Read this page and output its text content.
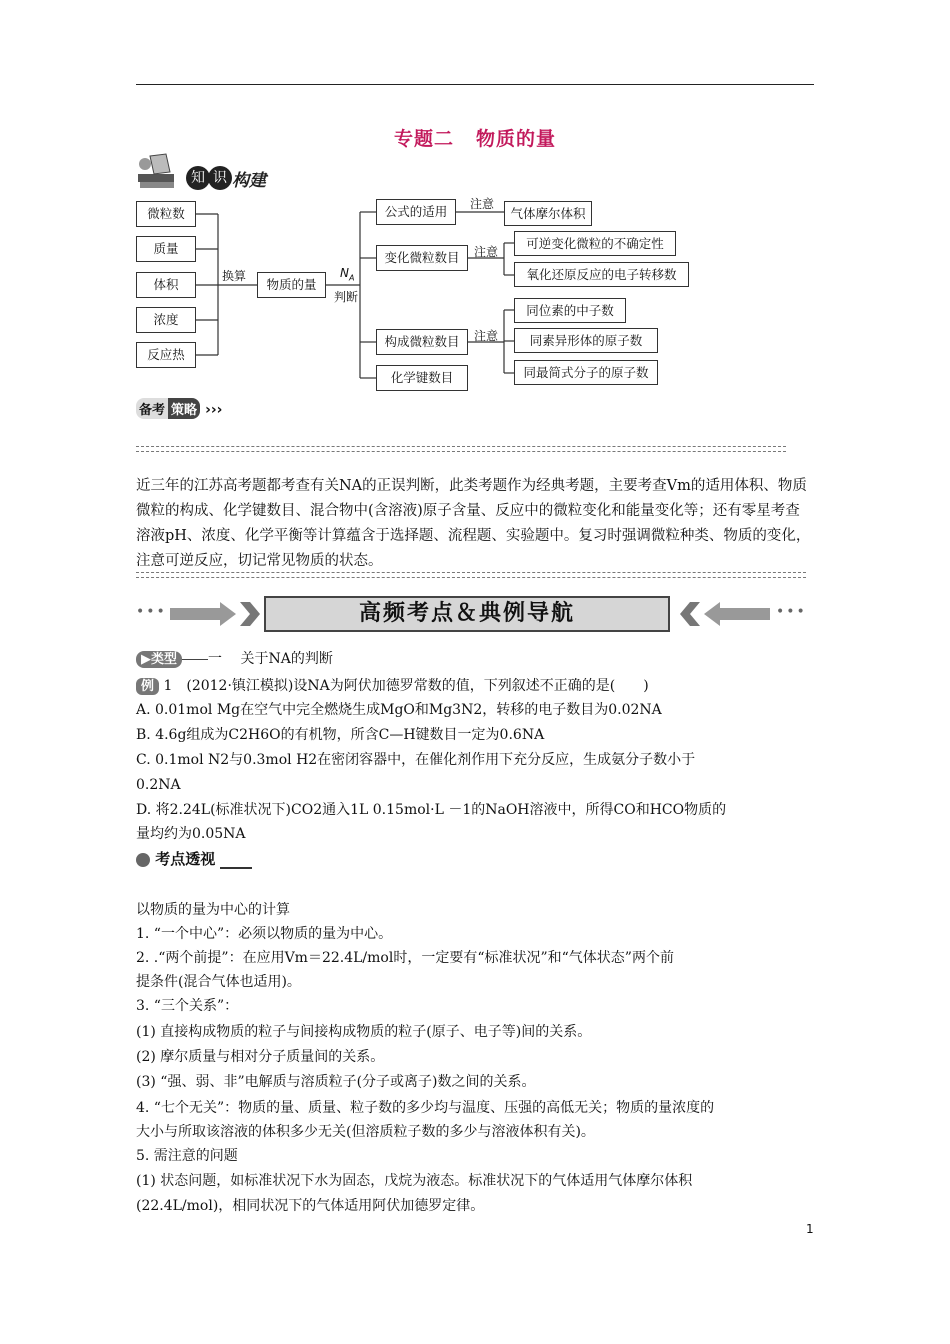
专题二 物质的量
知 识 构建
微粒数
质量
体积
浓度
反应热
换算
物质的量
$N_A$
判断
公式的适用
变化微粒数目
构成微粒数目
化学键数目
注意
注意
注意
气体摩尔体积
可逆变化微粒的不确定性
氧化还原反应的电子转移数
同位素的中子数
同素异形体的原子数
同最简式分子的原子数
备考 策略 ›››
近三年的江苏高考题都考查有关NA的正误判断，此类考题作为经典考题，主要考查Vm的适用体积、物质微粒的构成、化学键数目、混合物中(含溶液)原子含量、反应中的微粒变化和能量变化等；还有零星考查溶液pH、浓度、化学平衡等计算蕴含于选择题、流程题、实验题中。复习时强调微粒种类、物质的变化，注意可逆反应，切记常见物质的状态。
•••	高频考点＆典例导航	•••
▶类型 一 关于NA的判断
例 1　(2012·镇江模拟)设NA为阿伏加德罗常数的值，下列叙述不正确的是(　　)
A. 0.01mol Mg在空气中完全燃烧生成MgO和Mg3N2，转移的电子数目为0.02NA
B. 4.6g组成为C2H6O的有机物，所含C—H键数目一定为0.6NA
C. 0.1mol N2与0.3mol H2在密闭容器中，在催化剂作用下充分反应，生成氨分子数小于
0.2NA
D. 将2.24L(标准状况下)CO2通入1L 0.15mol·L －1的NaOH溶液中，所得CO和HCO物质的
量均约为0.05NA
考点透视
以物质的量为中心的计算
1. “一个中心”：必须以物质的量为中心。
2. .“两个前提”：在应用Vm＝22.4L/mol时，一定要有“标准状况”和“气体状态”两个前
提条件(混合气体也适用)。
3. “三个关系”：
(1) 直接构成物质的粒子与间接构成物质的粒子(原子、电子等)间的关系。
(2) 摩尔质量与相对分子质量间的关系。
(3) “强、弱、非”电解质与溶质粒子(分子或离子)数之间的关系。
4. “七个无关”：物质的量、质量、粒子数的多少均与温度、压强的高低无关；物质的量浓度的
大小与所取该溶液的体积多少无关(但溶质粒子数的多少与溶液体积有关)。
5. 需注意的问题
(1) 状态问题，如标准状况下水为固态，戊烷为液态。标准状况下的气体适用气体摩尔体积
(22.4L/mol)，相同状况下的气体适用阿伏加德罗定律。
1
